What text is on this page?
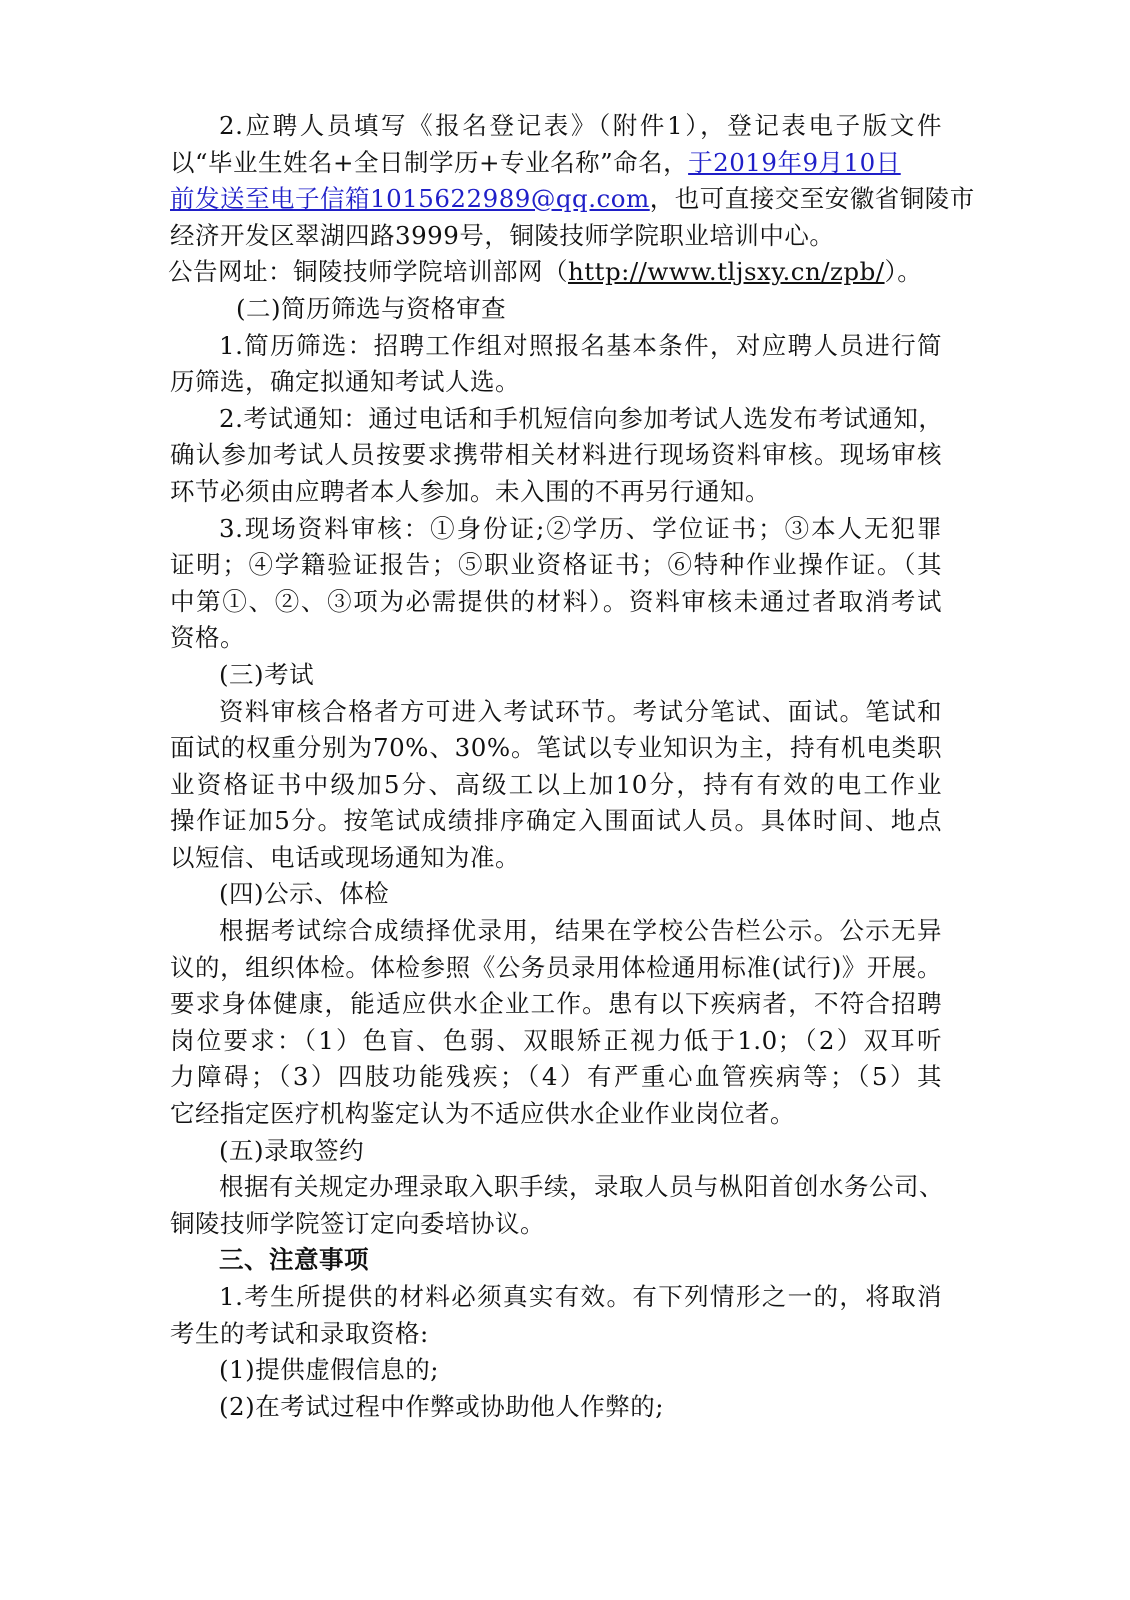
2.应聘人员填写《报名登记表》（附件1），登记表电子版文件
以“毕业生姓名+全日制学历+专业名称”命名，于2019年9月10日
前发送至电子信箱1015622989@qq.com，也可直接交至安徽省铜陵市
经济开发区翠湖四路3999号，铜陵技师学院职业培训中心。
公告网址：铜陵技师学院培训部网（http://www.tljsxy.cn/zpb/）。
(二)简历筛选与资格审查
1.简历筛选：招聘工作组对照报名基本条件，对应聘人员进行简
历筛选，确定拟通知考试人选。
2.考试通知：通过电话和手机短信向参加考试人选发布考试通知，
确认参加考试人员按要求携带相关材料进行现场资料审核。现场审核
环节必须由应聘者本人参加。未入围的不再另行通知。
3.现场资料审核：①身份证;②学历、学位证书；③本人无犯罪
证明；④学籍验证报告；⑤职业资格证书；⑥特种作业操作证。（其
中第①、②、③项为必需提供的材料）。资料审核未通过者取消考试
资格。
(三)考试
资料审核合格者方可进入考试环节。考试分笔试、面试。笔试和
面试的权重分别为70%、30%。笔试以专业知识为主，持有机电类职
业资格证书中级加5分、高级工以上加10分，持有有效的电工作业
操作证加5分。按笔试成绩排序确定入围面试人员。具体时间、地点
以短信、电话或现场通知为准。
(四)公示、体检
根据考试综合成绩择优录用，结果在学校公告栏公示。公示无异
议的，组织体检。体检参照《公务员录用体检通用标准(试行)》开展。
要求身体健康，能适应供水企业工作。患有以下疾病者，不符合招聘
岗位要求：（1）色盲、色弱、双眼矫正视力低于1.0；（2）双耳听
力障碍；（3）四肢功能残疾；（4）有严重心血管疾病等；（5）其
它经指定医疗机构鉴定认为不适应供水企业作业岗位者。
(五)录取签约
根据有关规定办理录取入职手续，录取人员与枞阳首创水务公司、
铜陵技师学院签订定向委培协议。
三、注意事项
1.考生所提供的材料必须真实有效。有下列情形之一的，将取消
考生的考试和录取资格:
(1)提供虚假信息的;
(2)在考试过程中作弊或协助他人作弊的;
